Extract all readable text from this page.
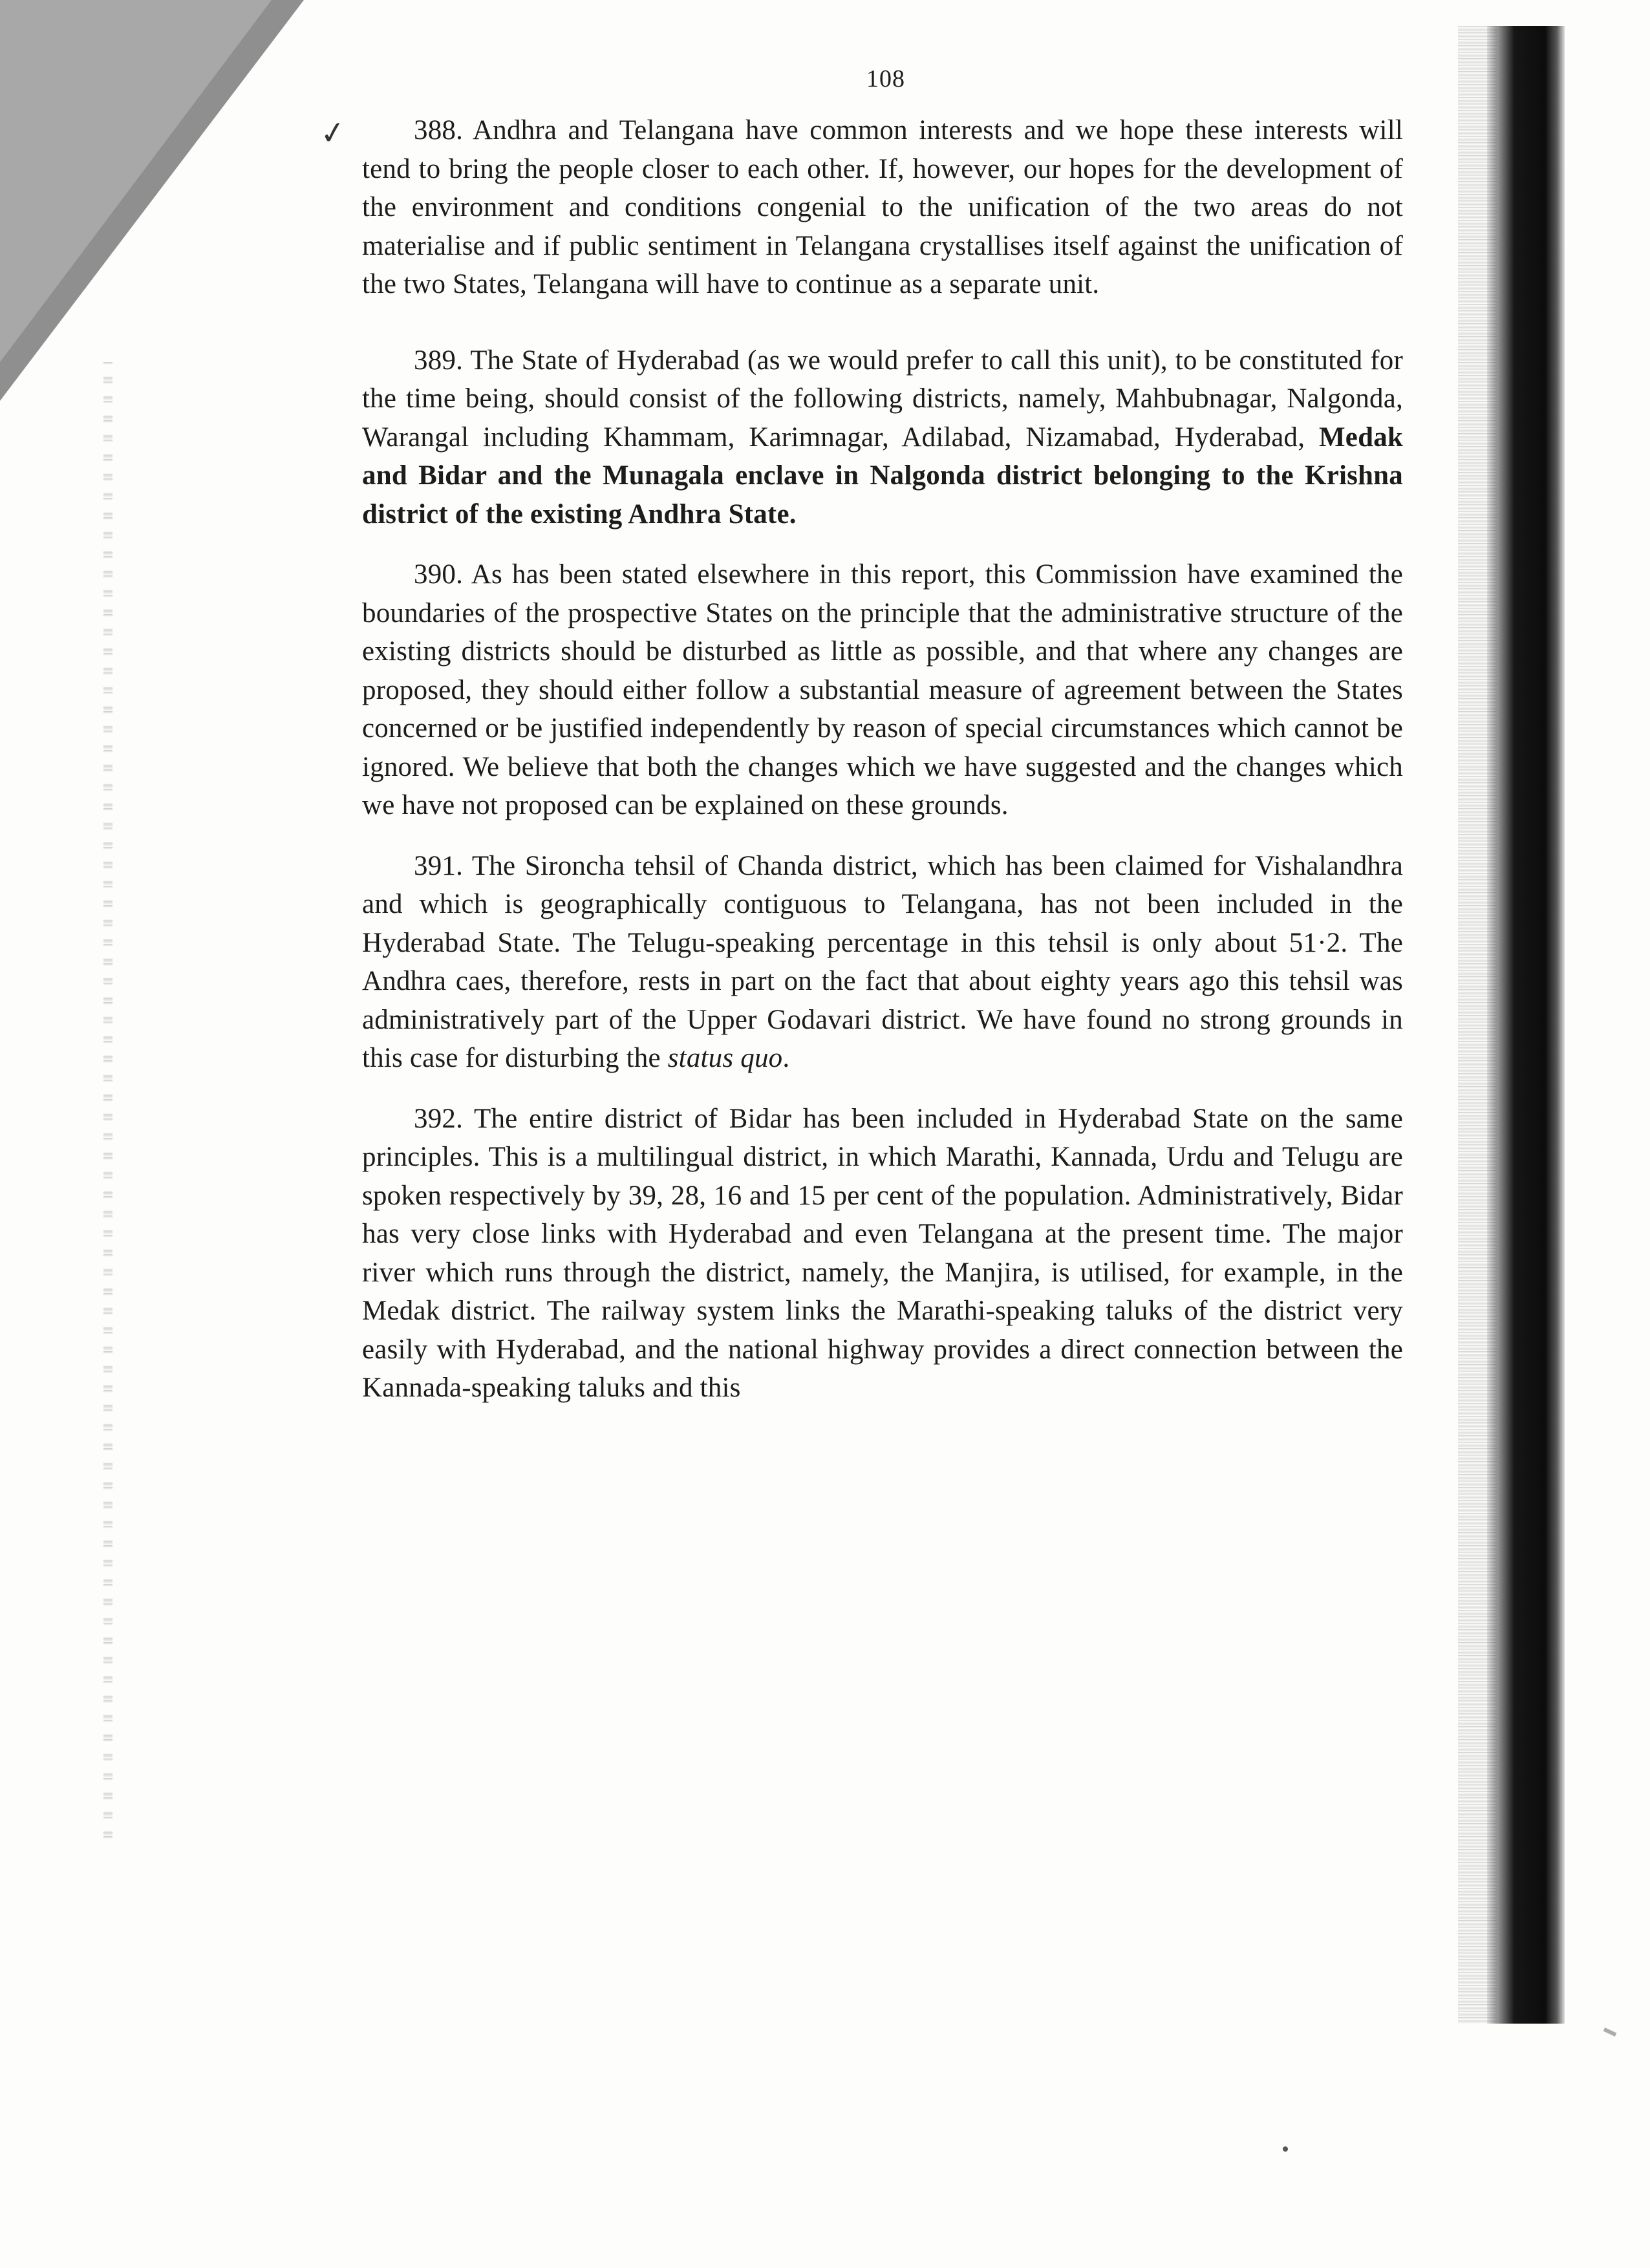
108
✓	388. Andhra and Telangana have common interests and we hope these interests will tend to bring the people closer to each other. If, however, our hopes for the development of the environment and conditions congenial to the unification of the two areas do not materialise and if public sentiment in Telangana crystallises itself against the unification of the two States, Telangana will have to continue as a separate unit.

389. The State of Hyderabad (as we would prefer to call this unit), to be constituted for the time being, should consist of the following districts, namely, Mahbubnagar, Nalgonda, Warangal including Khammam, Karimnagar, Adilabad, Nizamabad, Hyderabad, Medak and Bidar and the Munagala enclave in Nalgonda district belonging to the Krishna district of the existing Andhra State.

390. As has been stated elsewhere in this report, this Commission have examined the boundaries of the prospective States on the principle that the administrative structure of the existing districts should be disturbed as little as possible, and that where any changes are proposed, they should either follow a substantial measure of agreement between the States concerned or be justified independently by reason of special circumstances which cannot be ignored. We believe that both the changes which we have suggested and the changes which we have not proposed can be explained on these grounds.

391. The Sironcha tehsil of Chanda district, which has been claimed for Vishalandhra and which is geographically contiguous to Telangana, has not been included in the Hyderabad State. The Telugu-speaking percentage in this tehsil is only about 51·2. The Andhra caes, therefore, rests in part on the fact that about eighty years ago this tehsil was administratively part of the Upper Godavari district. We have found no strong grounds in this case for disturbing the status quo.

392. The entire district of Bidar has been included in Hyderabad State on the same principles. This is a multilingual district, in which Marathi, Kannada, Urdu and Telugu are spoken respectively by 39, 28, 16 and 15 per cent of the population. Administratively, Bidar has very close links with Hyderabad and even Telangana at the present time. The major river which runs through the district, namely, the Manjira, is utilised, for example, in the Medak district. The railway system links the Marathi-speaking taluks of the district very easily with Hyderabad, and the national highway provides a direct connection between the Kannada-speaking taluks and this
